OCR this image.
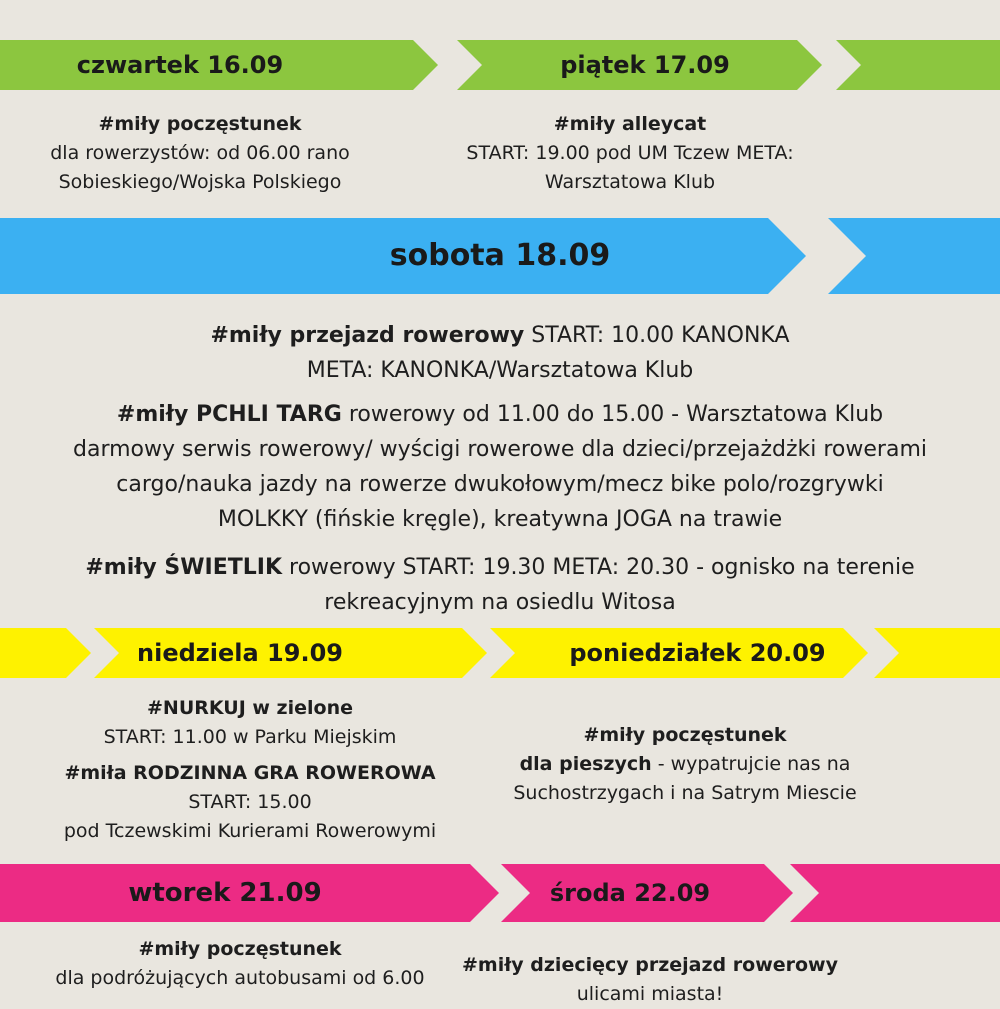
czwartek 16.09	piątek 17.09
#miły poczęstunek
dla rowerzystów: od 06.00 rano
Sobieskiego/Wojska Polskiego
#miły alleycat
START: 19.00 pod UM Tczew META:
Warsztatowa Klub
sobota 18.09
#miły przejazd rowerowy START: 10.00 KANONKA
META: KANONKA/Warsztatowa Klub
#miły PCHLI TARG rowerowy od 11.00 do 15.00 - Warsztatowa Klub
darmowy serwis rowerowy/ wyścigi rowerowe dla dzieci/przejażdżki rowerami
cargo/nauka jazdy na rowerze dwukołowym/mecz bike polo/rozgrywki
MOLKKY (fińskie kręgle), kreatywna JOGA na trawie
#miły ŚWIETLIK rowerowy START: 19.30 META: 20.30 - ognisko na terenie
rekreacyjnym na osiedlu Witosa
niedziela 19.09	poniedziałek 20.09
#NURKUJ w zielone
START: 11.00 w Parku Miejskim
#miła RODZINNA GRA ROWEROWA
START: 15.00
pod Tczewskimi Kurierami Rowerowymi
#miły poczęstunek
dla pieszych - wypatrujcie nas na
Suchostrzygach i na Satrym Miescie
wtorek 21.09	środa 22.09
#miły poczęstunek
dla podróżujących autobusami od 6.00
#miły dziecięcy przejazd rowerowy
ulicami miasta!
